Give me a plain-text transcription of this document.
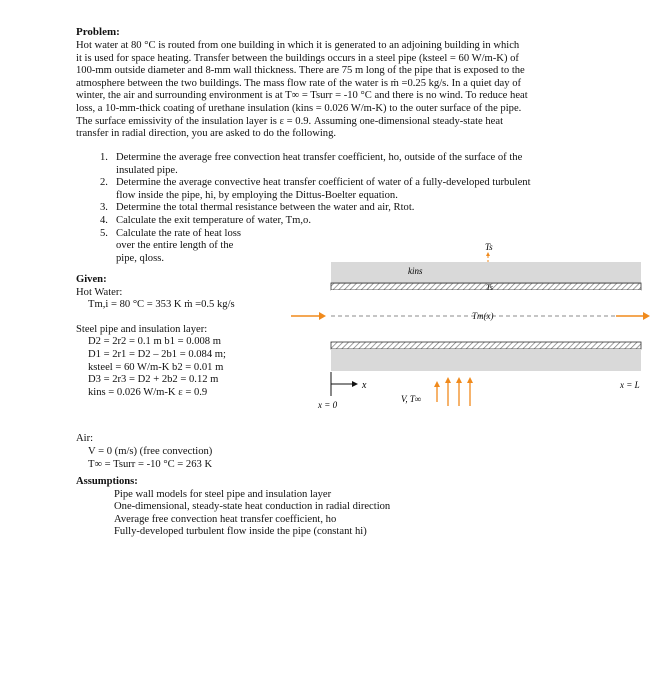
Problem:
Hot water at 80 °C is routed from one building in which it is generated to an adjoining building in which
it is used for space heating. Transfer between the buildings occurs in a steel pipe (ksteel = 60 W/m-K) of
100-mm outside diameter and 8-mm wall thickness. There are 75 m long of the pipe that is exposed to the
atmosphere between the two buildings. The mass flow rate of the water is ṁ =0.25 kg/s. In a quiet day of
winter, the air and surrounding environment is at T∞ = Tsurr = -10 °C and there is no wind. To reduce heat
loss, a 10-mm-thick coating of urethane insulation (kins = 0.026 W/m-K) to the outer surface of the pipe.
The surface emissivity of the insulation layer is ε = 0.9. Assuming one-dimensional steady-state heat
transfer in radial direction, you are asked to do the following.
1. Determine the average free convection heat transfer coefficient, ho, outside of the surface of the
insulated pipe.
2. Determine the average convective heat transfer coefficient of water of a fully-developed turbulent
flow inside the pipe, hi, by employing the Dittus-Boelter equation.
3. Determine the total thermal resistance between the water and air, Rtot.
4. Calculate the exit temperature of water, Tm,o.
5. Calculate the rate of heat loss
over the entire length of the
pipe, qloss.
Given:
Hot Water:
Tm,i = 80 °C = 353 K ṁ =0.5 kg/s
Steel pipe and insulation layer:
D2 = 2r2 = 0.1 m b1 = 0.008 m
D1 = 2r1 = D2 – 2b1 = 0.084 m;
ksteel = 60 W/m-K b2 = 0.01 m
D3 = 2r3 = D2 + 2b2 = 0.12 m
kins = 0.026 W/m-K ε = 0.9
Air:
V = 0 (m/s) (free convection)
T∞ = Tsurr = -10 °C = 263 K
Assumptions:
Pipe wall models for steel pipe and insulation layer
One-dimensional, steady-state heat conduction in radial direction
Average free convection heat transfer coefficient, ho
Fully-developed turbulent flow inside the pipe (constant hi)
Ts
kins
Ts
Tm(x)
x
x = 0
V, T∞
x = L
